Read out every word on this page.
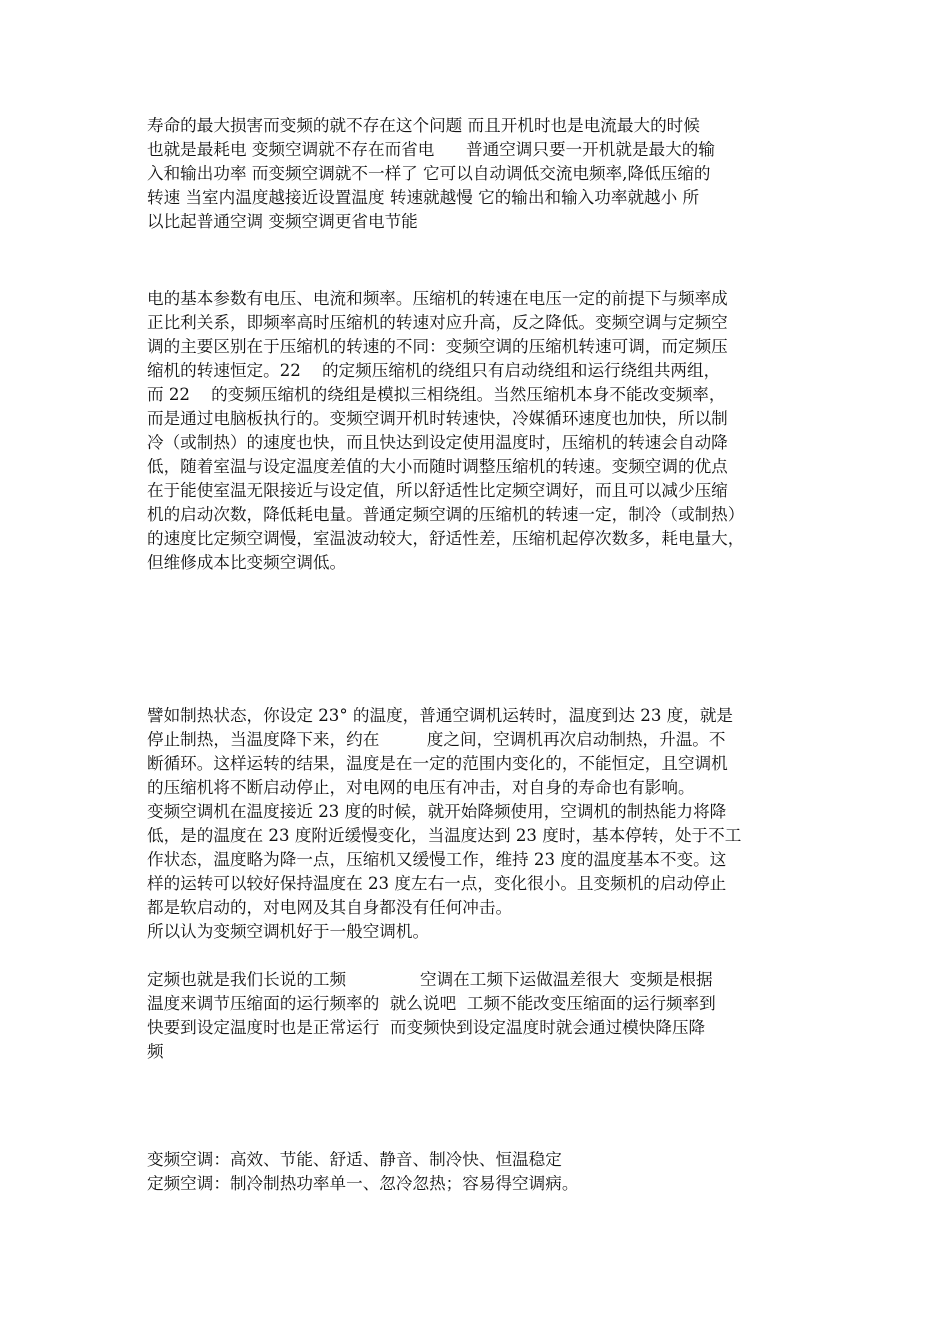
寿命的最大损害而变频的就不存在这个问题 而且开机时也是电流最大的时候
也就是最耗电 变频空调就不存在而省电      普通空调只要一开机就是最大的输
入和输出功率 而变频空调就不一样了 它可以自动调低交流电频率,降低压缩的
转速 当室内温度越接近设置温度 转速就越慢 它的输出和输入功率就越小 所
以比起普通空调 变频空调更省电节能
电的基本参数有电压、电流和频率。压缩机的转速在电压一定的前提下与频率成
正比利关系，即频率高时压缩机的转速对应升高，反之降低。变频空调与定频空
调的主要区别在于压缩机的转速的不同：变频空调的压缩机转速可调，而定频压
缩机的转速恒定。22    的定频压缩机的绕组只有启动绕组和运行绕组共两组，
而 22    的变频压缩机的绕组是模拟三相绕组。当然压缩机本身不能改变频率，
而是通过电脑板执行的。变频空调开机时转速快，冷媒循环速度也加快，所以制
冷（或制热）的速度也快，而且快达到设定使用温度时，压缩机的转速会自动降
低，随着室温与设定温度差值的大小而随时调整压缩机的转速。变频空调的优点
在于能使室温无限接近与设定值，所以舒适性比定频空调好，而且可以减少压缩
机的启动次数，降低耗电量。普通定频空调的压缩机的转速一定，制冷（或制热）
的速度比定频空调慢，室温波动较大，舒适性差，压缩机起停次数多，耗电量大，
但维修成本比变频空调低。
譬如制热状态，你设定 23° 的温度，普通空调机运转时，温度到达 23 度，就是
停止制热，当温度降下来，约在         度之间，空调机再次启动制热，升温。不
断循环。这样运转的结果，温度是在一定的范围内变化的，不能恒定，且空调机
的压缩机将不断启动停止，对电网的电压有冲击，对自身的寿命也有影响。
变频空调机在温度接近 23 度的时候，就开始降频使用，空调机的制热能力将降
低，是的温度在 23 度附近缓慢变化，当温度达到 23 度时，基本停转，处于不工
作状态，温度略为降一点，压缩机又缓慢工作，维持 23 度的温度基本不变。这
样的运转可以较好保持温度在 23 度左右一点，变化很小。且变频机的启动停止
都是软启动的，对电网及其自身都没有任何冲击。
所以认为变频空调机好于一般空调机。
定频也就是我们长说的工频              空调在工频下运做温差很大  变频是根据
温度来调节压缩面的运行频率的  就么说吧  工频不能改变压缩面的运行频率到
快要到设定温度时也是正常运行  而变频快到设定温度时就会通过模快降压降
频
变频空调：高效、节能、舒适、静音、制冷快、恒温稳定
定频空调：制冷制热功率单一、忽冷忽热；容易得空调病。
